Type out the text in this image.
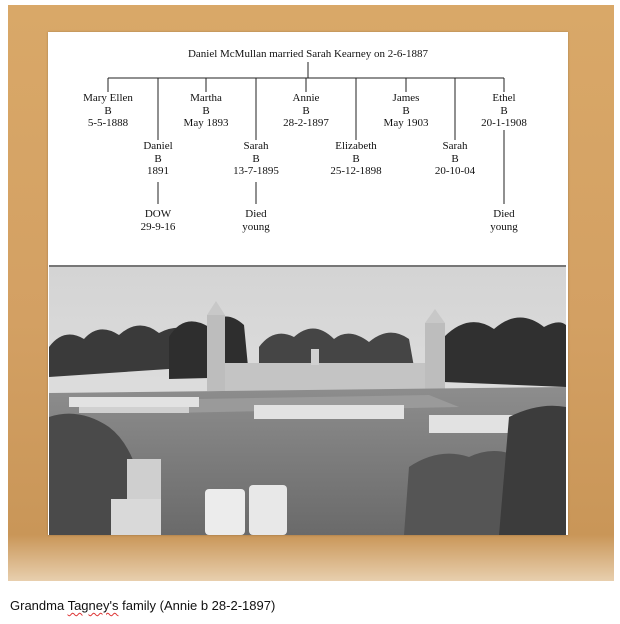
Daniel McMullan married Sarah Kearney on 2-6-1887
Mary Ellen
B
5-5-1888
Martha
B
May 1893
Annie
B
28-2-1897
James
B
May 1903
Ethel
B
20-1-1908
Daniel
B
1891
Sarah
B
13-7-1895
Elizabeth
B
25-12-1898
Sarah
B
20-10-04
DOW
29-9-16
Died
young
Died
young
Grandma Tagney's family (Annie b 28-2-1897)
